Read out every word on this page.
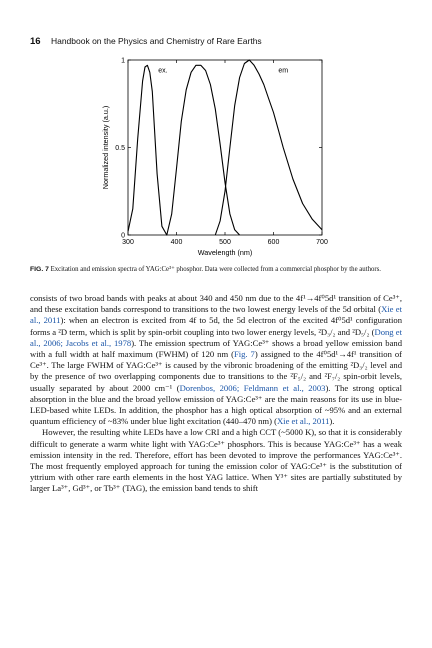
16 Handbook on the Physics and Chemistry of Rare Earths
300	400	500	600	700
0
0.5
1
Wavelength (nm)
Normalized intensity (a.u.)
ex.	em
FIG. 7 Excitation and emission spectra of YAG:Ce³⁺ phosphor. Data were collected from a commercial phosphor by the authors.

consists of two broad bands with peaks at about 340 and 450 nm due to the 4f¹→4f⁰5d¹ transition of Ce³⁺, and these excitation bands correspond to transitions to the two lowest energy levels of the 5d orbital (Xie et al., 2011): when an electron is excited from 4f to 5d, the 5d electron of the excited 4f⁰5d¹ configuration forms a ²D term, which is split by spin-orbit coupling into two lower energy levels, ²D₃/₂ and ²D₅/₂ (Dong et al., 2006; Jacobs et al., 1978). The emission spectrum of YAG:Ce³⁺ shows a broad yellow emission band with a full width at half maximum (FWHM) of 120 nm (Fig. 7) assigned to the 4f⁰5d¹→4f¹ transition of Ce³⁺. The large FWHM of YAG:Ce³⁺ is caused by the vibronic broadening of the emitting ²D₃/₂ level and by the presence of two overlapping components due to transitions to the ²F₅/₂ and ²F₇/₂ spin-orbit levels, usually separated by about 2000 cm⁻¹ (Dorenbos, 2006; Feldmann et al., 2003). The strong optical absorption in the blue and the broad yellow emission of YAG:Ce³⁺ are the main reasons for its use in blue-LED-based white LEDs. In addition, the phosphor has a high optical absorption of ~95% and an external quantum efficiency of ~83% under blue light excitation (440–470 nm) (Xie et al., 2011).

However, the resulting white LEDs have a low CRI and a high CCT (~5000 K), so that it is considerably difficult to generate a warm white light with YAG:Ce³⁺ phosphors. This is because YAG:Ce³⁺ has a weak emission intensity in the red. Therefore, effort has been devoted to improve the performances YAG:Ce³⁺. The most frequently employed approach for tuning the emission color of YAG:Ce³⁺ is the substitution of yttrium with other rare earth elements in the host YAG lattice. When Y³⁺ sites are partially substituted by larger La³⁺, Gd³⁺, or Tb³⁺ (TAG), the emission band tends to shift
